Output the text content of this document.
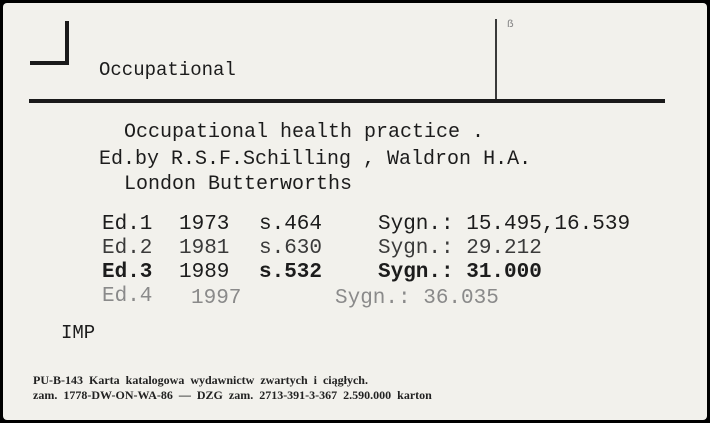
ẞ
Occupational
Occupational health practice .
Ed.by R.S.F.Schilling , Waldron H.A.
London Butterworths
Ed.1 1973 s.464	Sygn.: 15.495,16.539
Ed.2 1981 s.630	Sygn.: 29.212
Ed.3 1989 s.532	Sygn.: 31.000
Ed.4 1997	Sygn.: 36.035
IMP
PU-B-143  Karta  katalogowa  wydawnictw  zwartych  i  ciągłych.
zam.  1778-DW-ON-WA-86  —  DZG  zam.  2713-391-3-367  2.590.000  karton
